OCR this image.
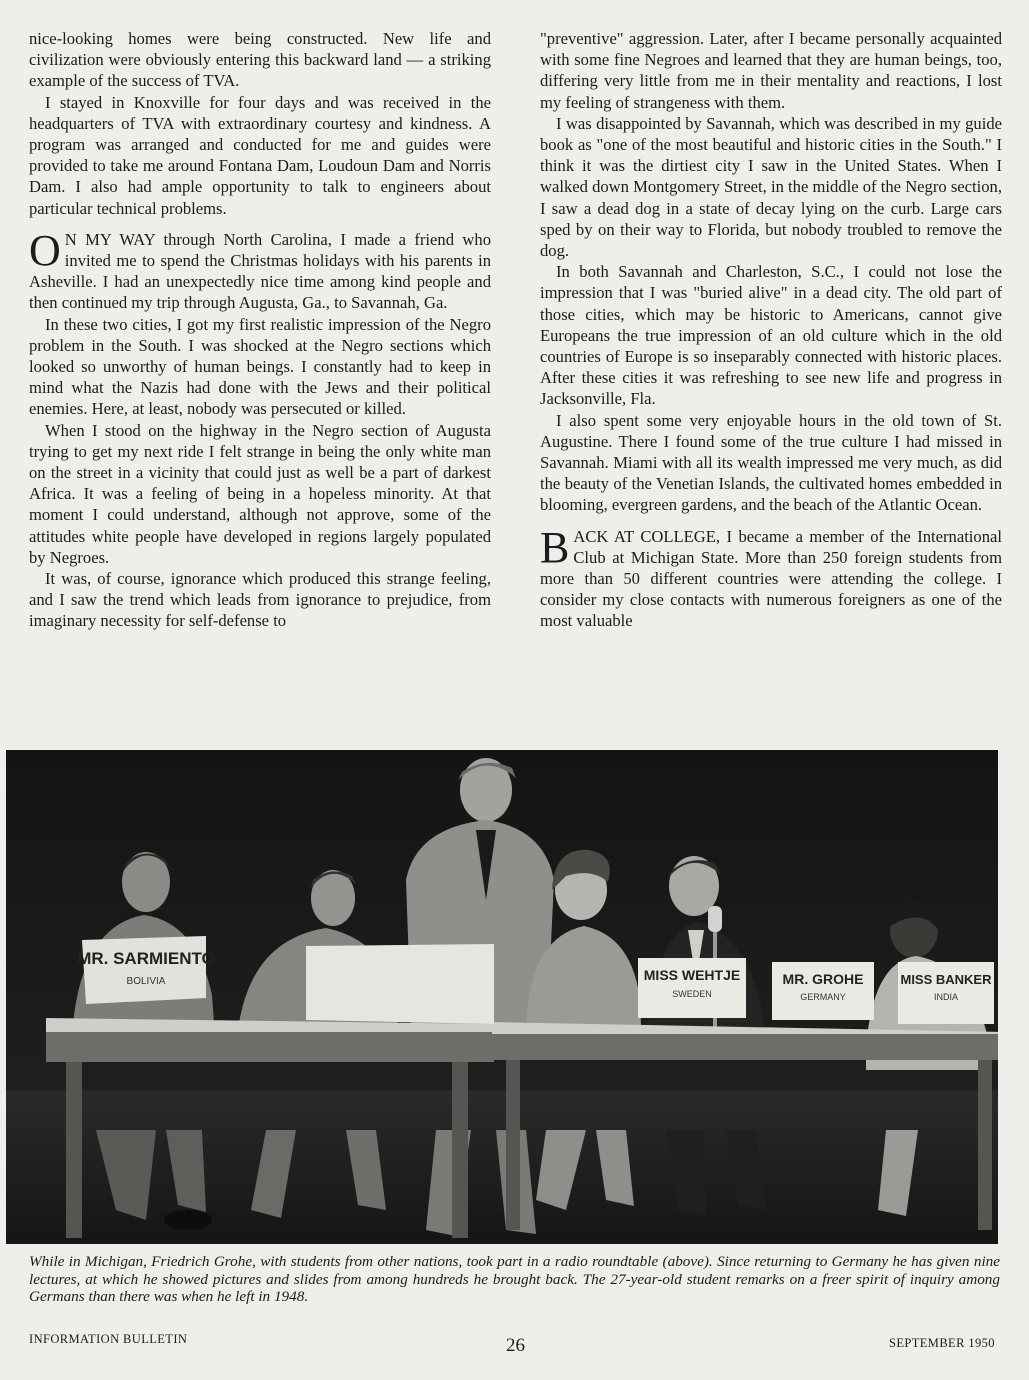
nice-looking homes were being constructed. New life and civilization were obviously entering this backward land — a striking example of the success of TVA.

I stayed in Knoxville for four days and was received in the headquarters of TVA with extraordinary courtesy and kindness. A program was arranged and conducted for me and guides were provided to take me around Fontana Dam, Loudoun Dam and Norris Dam. I also had ample opportunity to talk to engineers about particular technical problems.

O N MY WAY through North Carolina, I made a friend who invited me to spend the Christmas holidays with his parents in Asheville. I had an unexpectedly nice time among kind people and then continued my trip through Augusta, Ga., to Savannah, Ga.

In these two cities, I got my first realistic impression of the Negro problem in the South. I was shocked at the Negro sections which looked so unworthy of human beings. I constantly had to keep in mind what the Nazis had done with the Jews and their political enemies. Here, at least, nobody was persecuted or killed.

When I stood on the highway in the Negro section of Augusta trying to get my next ride I felt strange in being the only white man on the street in a vicinity that could just as well be a part of darkest Africa. It was a feeling of being in a hopeless minority. At that moment I could understand, although not approve, some of the attitudes white people have developed in regions largely populated by Negroes.

It was, of course, ignorance which produced this strange feeling, and I saw the trend which leads from ignorance to prejudice, from imaginary necessity for self-defense to

"preventive" aggression. Later, after I became personally acquainted with some fine Negroes and learned that they are human beings, too, differing very little from me in their mentality and reactions, I lost my feeling of strangeness with them.

I was disappointed by Savannah, which was described in my guide book as "one of the most beautiful and historic cities in the South." I think it was the dirtiest city I saw in the United States. When I walked down Montgomery Street, in the middle of the Negro section, I saw a dead dog in a state of decay lying on the curb. Large cars sped by on their way to Florida, but nobody troubled to remove the dog.

In both Savannah and Charleston, S.C., I could not lose the impression that I was "buried alive" in a dead city. The old part of those cities, which may be historic to Americans, cannot give Europeans the true impression of an old culture which in the old countries of Europe is so inseparably connected with historic places. After these cities it was refreshing to see new life and progress in Jacksonville, Fla.

I also spent some very enjoyable hours in the old town of St. Augustine. There I found some of the true culture I had missed in Savannah. Miami with all its wealth impressed me very much, as did the beauty of the Venetian Islands, the cultivated homes embedded in blooming, evergreen gardens, and the beach of the Atlantic Ocean.

BACK AT COLLEGE, I became a member of the International Club at Michigan State. More than 250 foreign students from more than 50 different countries were attending the college. I consider my close contacts with numerous foreigners as one of the most valuable

MR. SARMIENTO
BOLIVIA	MISS WEHTJE
SWEDEN
MR. GROHE
GERMANY
MISS BANKER
INDIA
While in Michigan, Friedrich Grohe, with students from other nations, took part in a radio roundtable (above). Since returning to Germany he has given nine lectures, at which he showed pictures and slides from among hundreds he brought back. The 27-year-old student remarks on a freer spirit of inquiry among Germans than there was when he left in 1948.
INFORMATION BULLETIN	26	SEPTEMBER 1950
